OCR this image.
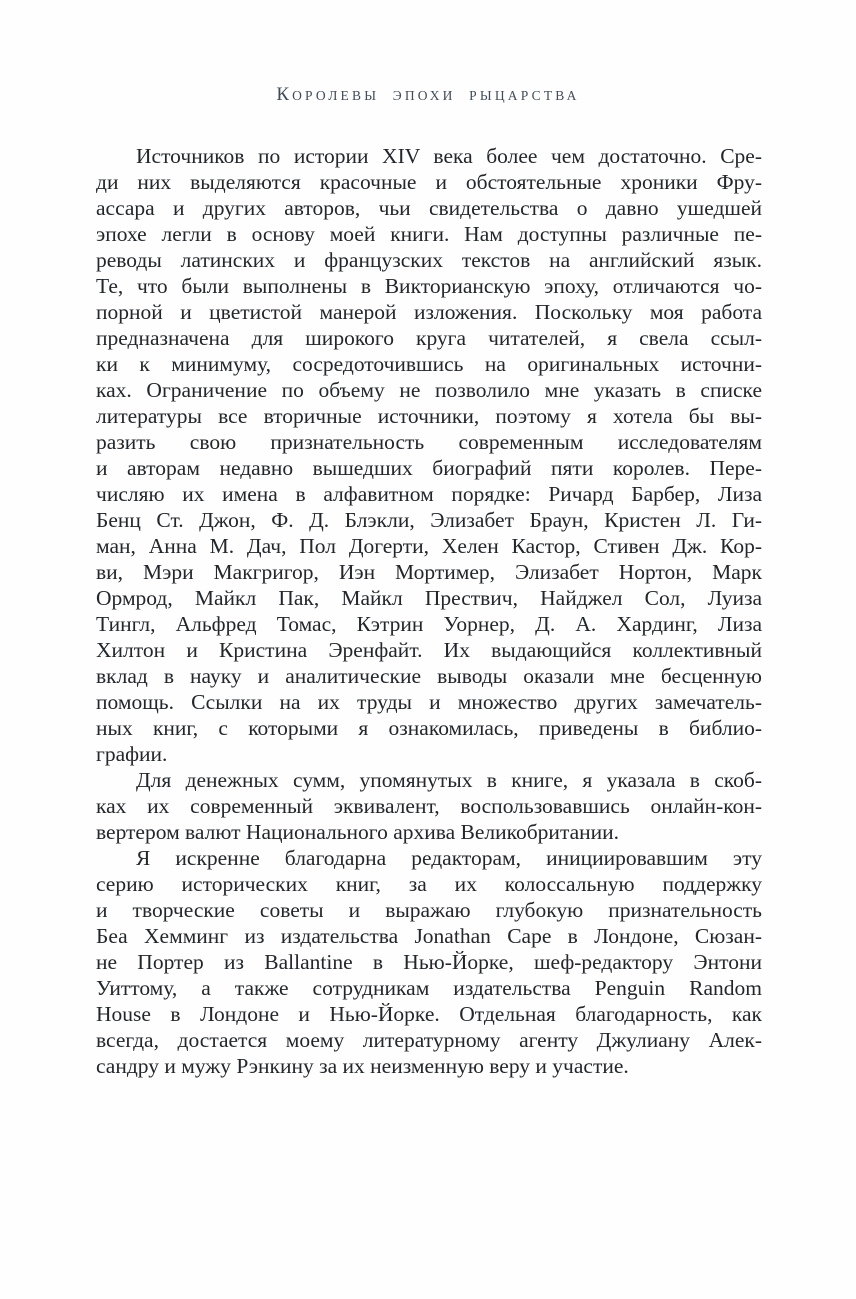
КОРОЛЕВЫ ЭПОХИ РЫЦАРСТВА
Источников по истории XIV века более чем достаточно. Сре-
ди них выделяются красочные и обстоятельные хроники Фру-
ассара и других авторов, чьи свидетельства о давно ушедшей
эпохе легли в основу моей книги. Нам доступны различные пе-
реводы латинских и французских текстов на английский язык.
Те, что были выполнены в Викторианскую эпоху, отличаются чо-
порной и цветистой манерой изложения. Поскольку моя работа
предназначена для широкого круга читателей, я свела ссыл-
ки к минимуму, сосредоточившись на оригинальных источни-
ках. Ограничение по объему не позволило мне указать в списке
литературы все вторичные источники, поэтому я хотела бы вы-
разить свою признательность современным исследователям
и авторам недавно вышедших биографий пяти королев. Пере-
числяю их имена в алфавитном порядке: Ричард Барбер, Лиза
Бенц Ст. Джон, Ф. Д. Блэкли, Элизабет Браун, Кристен Л. Ги-
ман, Анна М. Дач, Пол Догерти, Хелен Кастор, Стивен Дж. Кор-
ви, Мэри Макгригор, Иэн Мортимер, Элизабет Нортон, Марк
Ормрод, Майкл Пак, Майкл Прествич, Найджел Сол, Луиза
Тингл, Альфред Томас, Кэтрин Уорнер, Д. А. Хардинг, Лиза
Хилтон и Кристина Эренфайт. Их выдающийся коллективный
вклад в науку и аналитические выводы оказали мне бесценную
помощь. Ссылки на их труды и множество других замечатель-
ных книг, с которыми я ознакомилась, приведены в библио-
графии.
Для денежных сумм, упомянутых в книге, я указала в скоб-
ках их современный эквивалент, воспользовавшись онлайн-кон-
вертером валют Национального архива Великобритании.
Я искренне благодарна редакторам, инициировавшим эту
серию исторических книг, за их колоссальную поддержку
и творческие советы и выражаю глубокую признательность
Беа Хемминг из издательства Jonathan Cape в Лондоне, Сюзан-
не Портер из Ballantine в Нью-Йорке, шеф-редактору Энтони
Уиттому, а также сотрудникам издательства Penguin Random
House в Лондоне и Нью-Йорке. Отдельная благодарность, как
всегда, достается моему литературному агенту Джулиану Алек-
сандру и мужу Рэнкину за их неизменную веру и участие.
